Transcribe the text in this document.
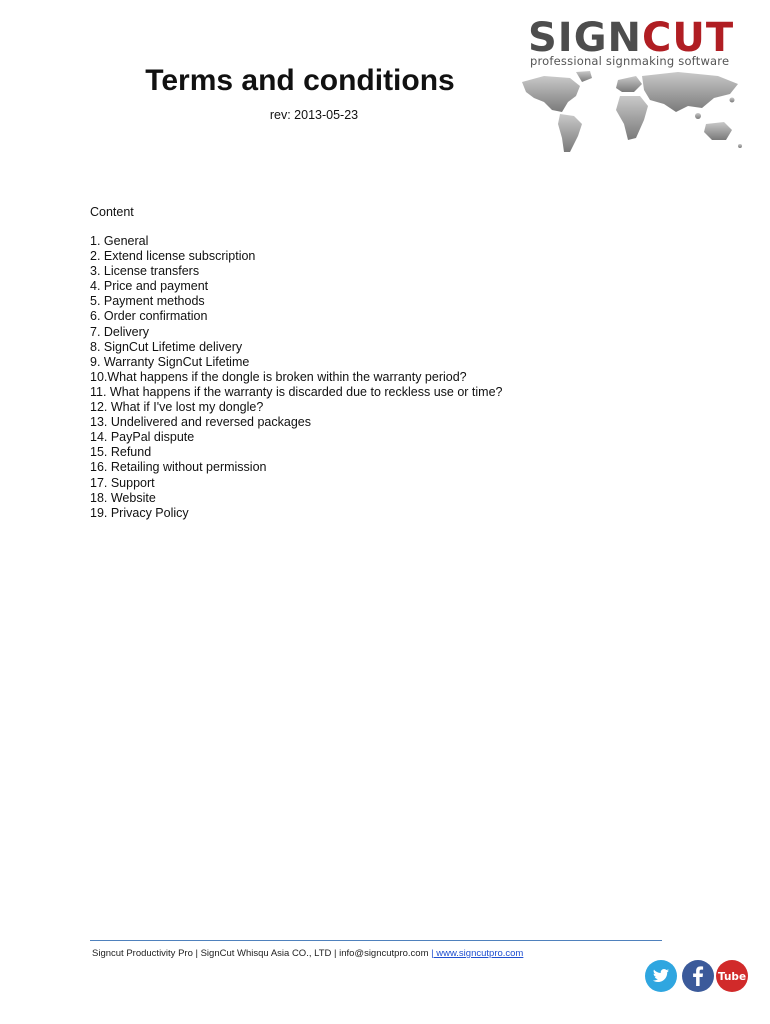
SIGNCUT
professional signmaking software
Terms and conditions
rev: 2013-05-23
Content
1. General
2. Extend license subscription
3. License transfers
4. Price and payment
5. Payment methods
6. Order confirmation
7. Delivery
8. SignCut Lifetime delivery
9. Warranty SignCut Lifetime
10.What happens if the dongle is broken within the warranty period?
11. What happens if the warranty is discarded due to reckless use or time?
12. What if I've lost my dongle?
13. Undelivered and reversed packages
14. PayPal dispute
15. Refund
16. Retailing without permission
17. Support
18. Website
19. Privacy Policy
Signcut Productivity Pro | SignCut Whisqu Asia CO., LTD | info@signcutpro.com | www.signcutpro.com
Tube
